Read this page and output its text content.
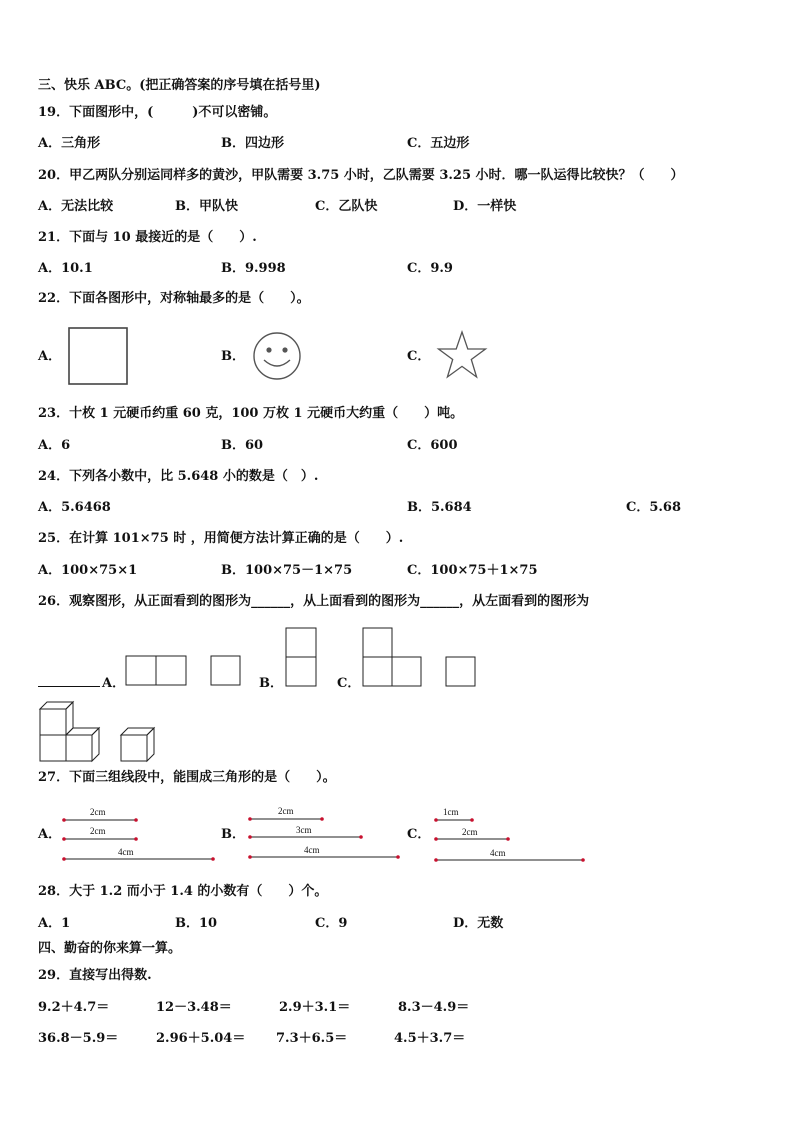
三、快乐 ABC。(把正确答案的序号填在括号里)
19．下面图形中，(　　　)不可以密铺。
A．三角形	B．四边形	C．五边形
20．甲乙两队分别运同样多的黄沙，甲队需要 3.75 小时，乙队需要 3.25 小时．哪一队运得比较快？（　　）
A．无法比较	B．甲队快	C．乙队快	D．一样快
21．下面与 10 最接近的是（　　）.
A．10.1	B．9.998	C．9.9
22．下面各图形中，对称轴最多的是（　　）。
A．	B．	C．
23．十枚 1 元硬币约重 60 克，100 万枚 1 元硬币大约重（　　）吨。
A．6	B．60	C．600
24．下列各小数中，比 5.648 小的数是（　）.
A．5.6468	B．5.684	C．5.68
25．在计算 101×75 时 ，用简便方法计算正确的是（　　）.
A．100×75×1	B．100×75－1×75	C．100×75＋1×75
26．观察图形，从正面看到的图形为______，从上面看到的图形为______，从左面看到的图形为
A．	B．	C．
27．下面三组线段中，能围成三角形的是（　　）。
A．
2cm
2cm
4cm
B．
2cm
3cm
4cm
C．
1cm
2cm
4cm
28．大于 1.2 而小于 1.4 的小数有（　　）个。
A．1	B．10	C．9	D．无数
四、勤奋的你来算一算。
29．直接写出得数.
9.2＋4.7＝	12－3.48＝	2.9＋3.1＝	8.3－4.9＝
36.8－5.9＝	2.96＋5.04＝ 7.3＋6.5＝	4.5＋3.7＝
